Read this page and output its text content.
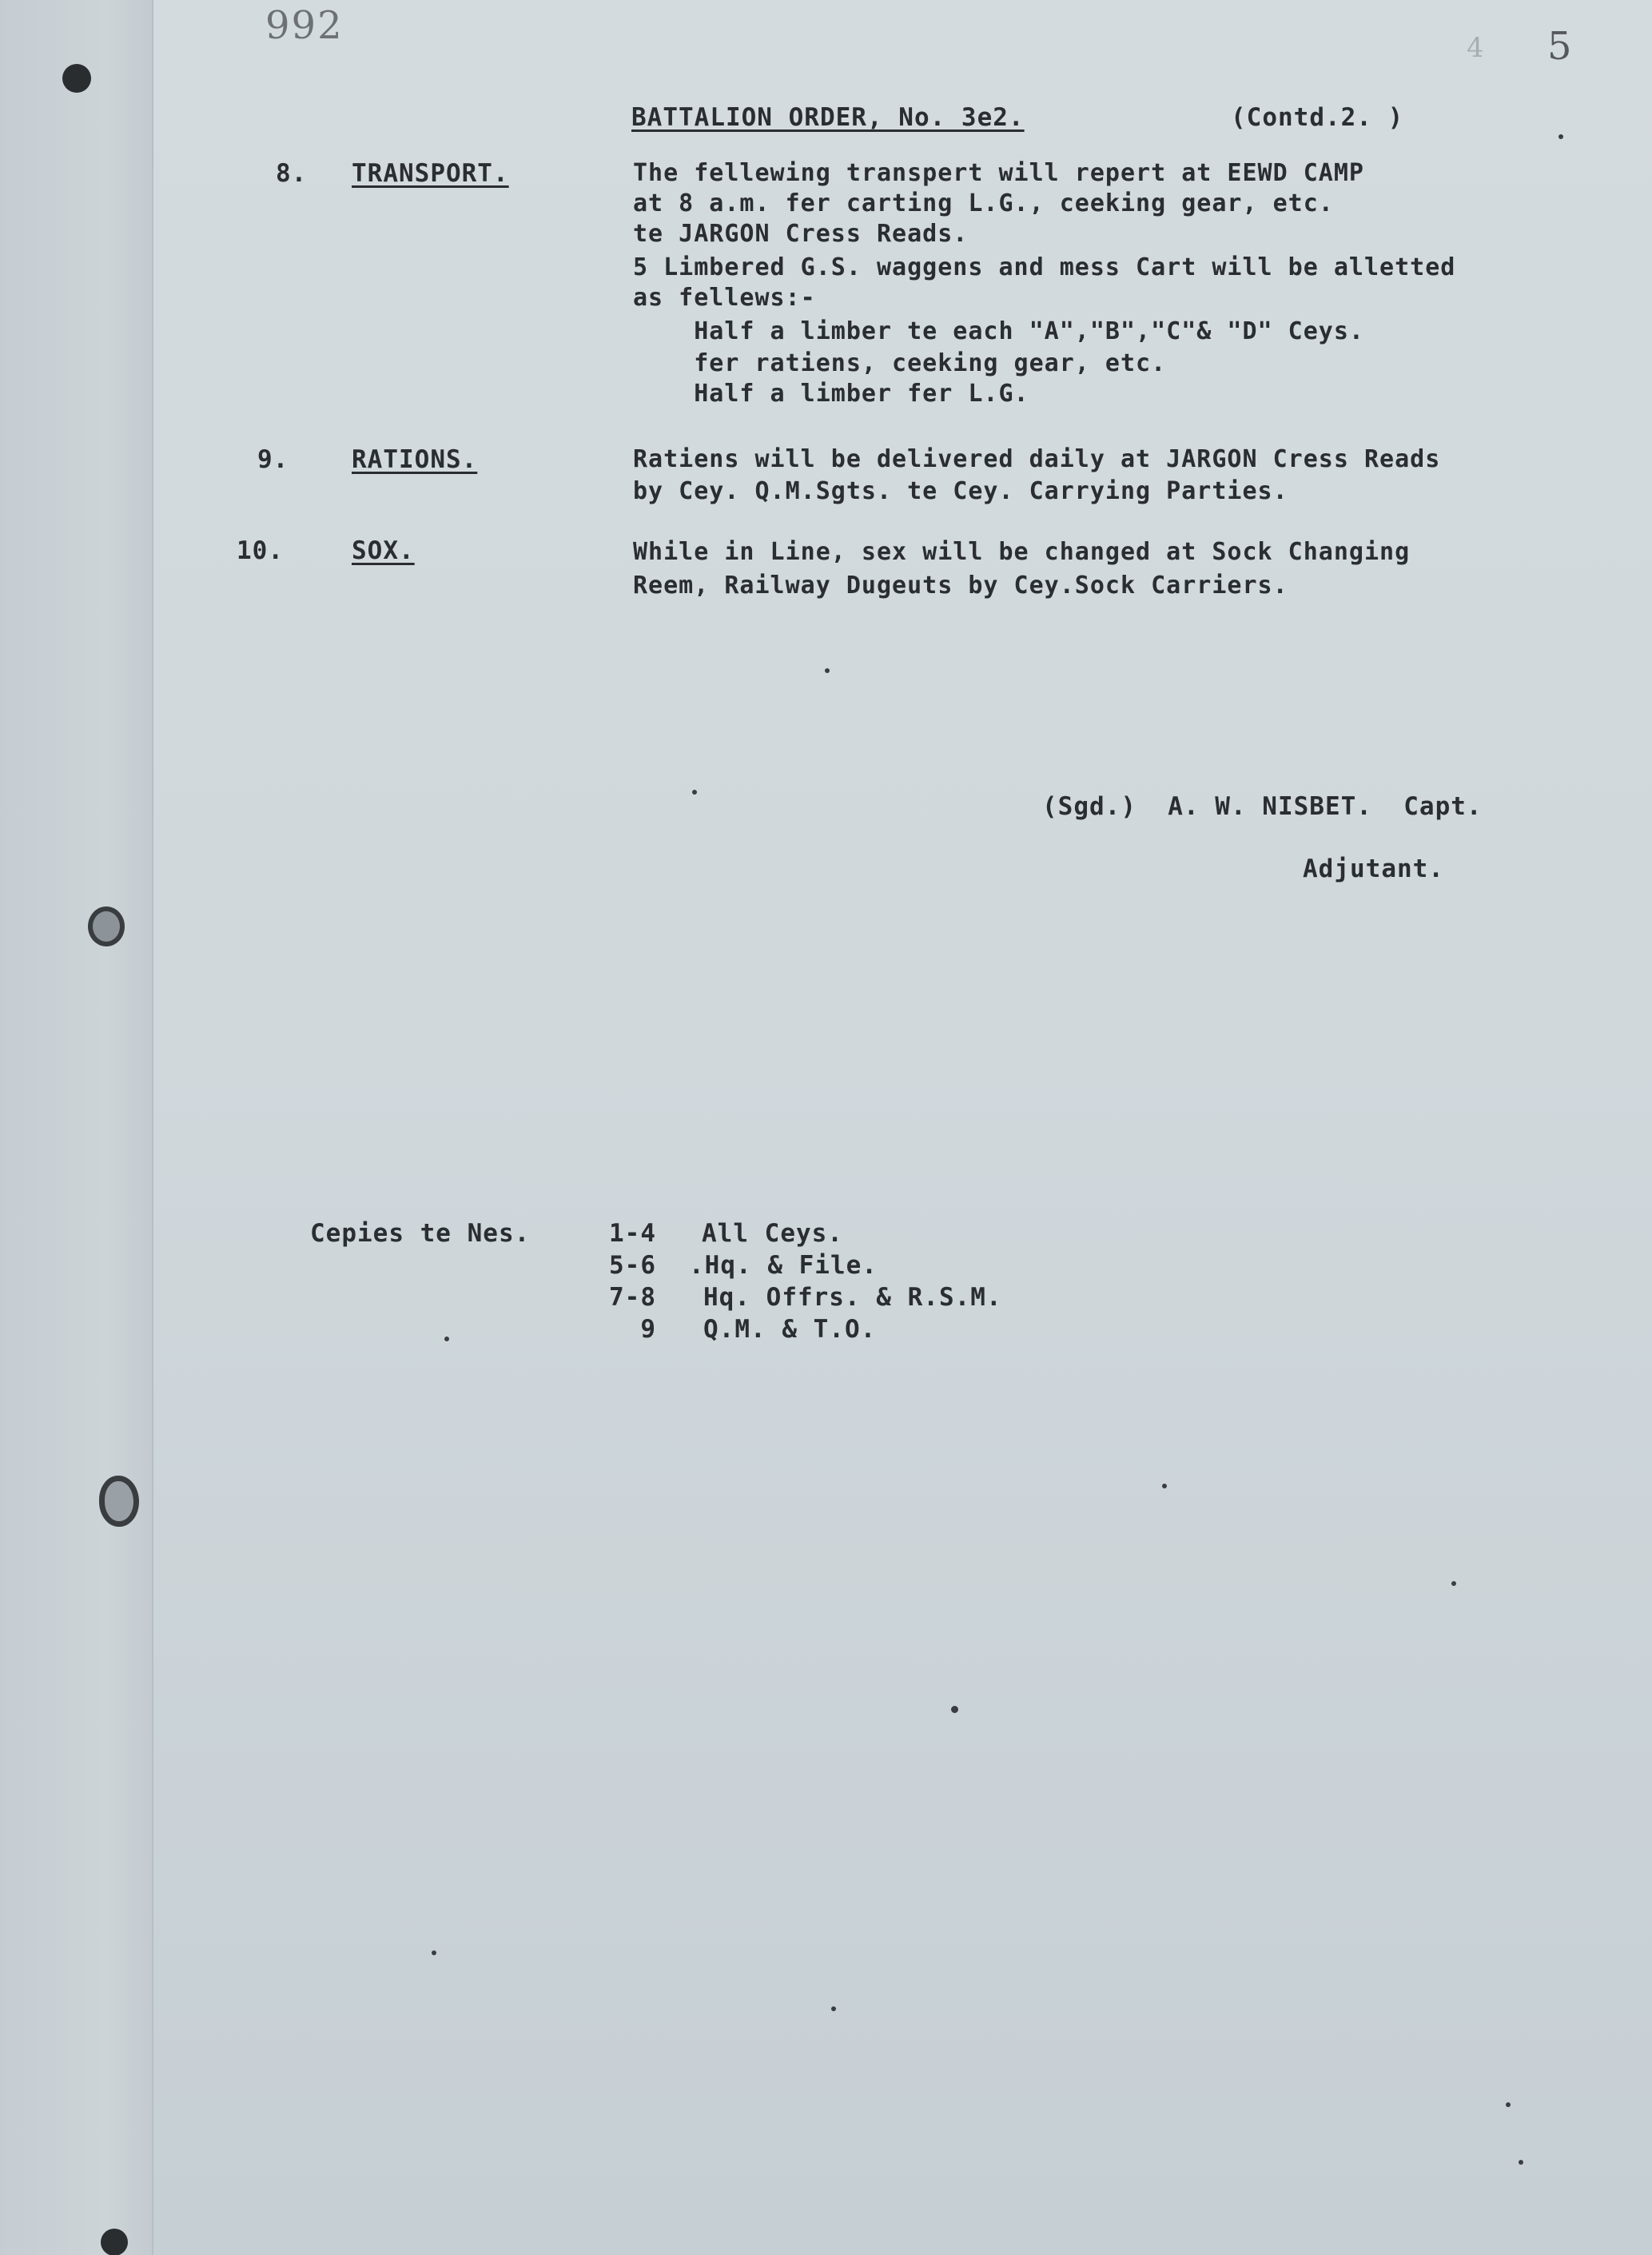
992	4 5
BATTALION ORDER, No. 3e2.	(Contd.2. )
8. TRANSPORT.	The fellewing transpert will repert at EEWD CAMP
at 8 a.m. fer carting L.G., ceeking gear, etc.
te JARGON Cress Reads.
5 Limbered G.S. waggens and mess Cart will be alletted
as fellews:-
Half a limber te each "A","B","C"& "D" Ceys.
fer ratiens, ceeking gear, etc.
Half a limber fer L.G.
9.	RATIONS.	Ratiens will be delivered daily at JARGON Cress Reads
by Cey. Q.M.Sgts. te Cey. Carrying Parties.
10.	SOX.	While in Line, sex will be changed at Sock Changing
Reem, Railway Dugeuts by Cey.Sock Carriers.
(Sgd.)  A. W. NISBET.  Capt.
Adjutant.
Cepies te Nes.	1-4 All Ceys.
5-6 .Hq. & File.
7-8 Hq. Offrs. & R.S.M.
9 Q.M. & T.O.
